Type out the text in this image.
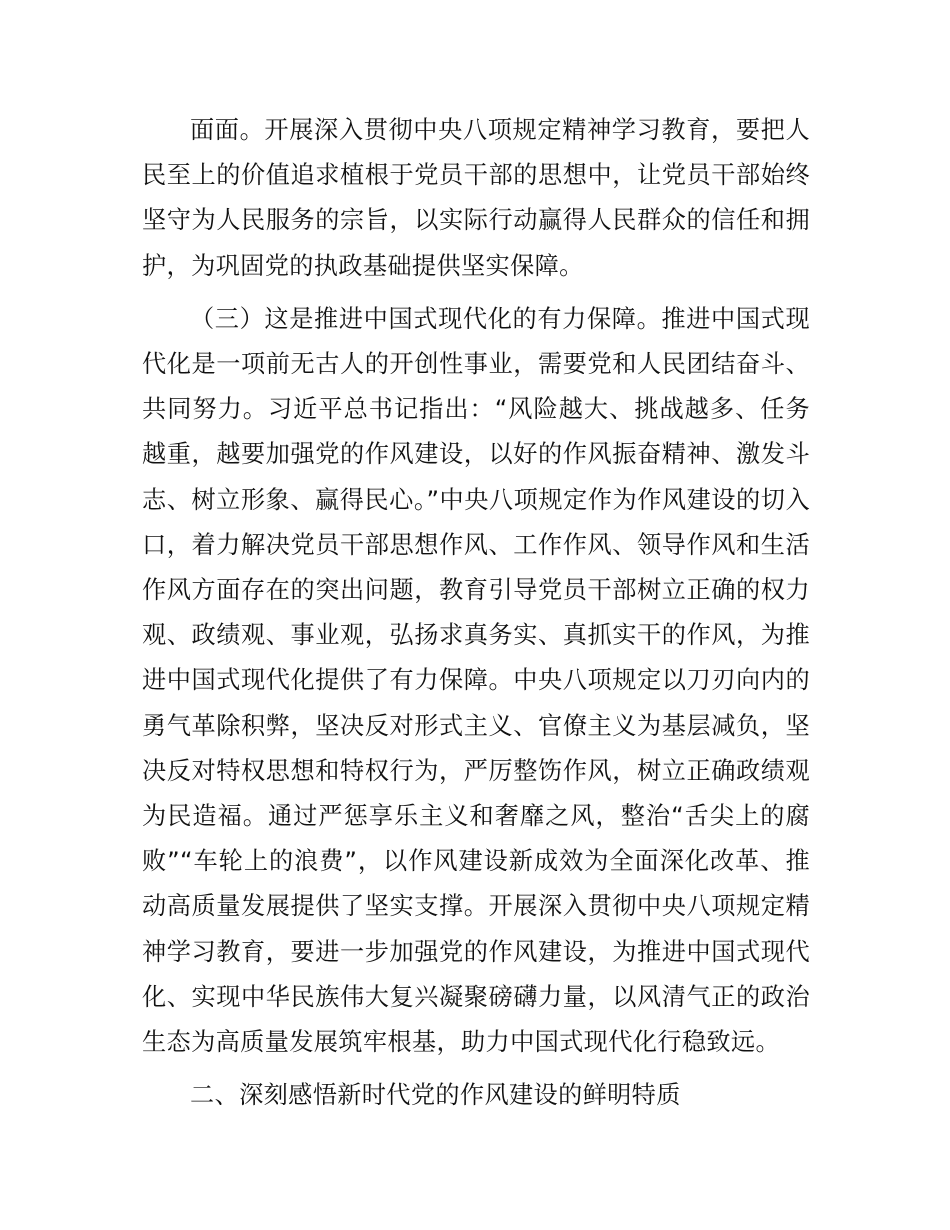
面面。开展深入贯彻中央八项规定精神学习教育，要把人民至上的价值追求植根于党员干部的思想中，让党员干部始终坚守为人民服务的宗旨，以实际行动赢得人民群众的信任和拥护，为巩固党的执政基础提供坚实保障。

（三）这是推进中国式现代化的有力保障。推进中国式现代化是一项前无古人的开创性事业，需要党和人民团结奋斗、共同努力。习近平总书记指出：“风险越大、挑战越多、任务越重，越要加强党的作风建设，以好的作风振奋精神、激发斗志、树立形象、赢得民心。”中央八项规定作为作风建设的切入口，着力解决党员干部思想作风、工作作风、领导作风和生活作风方面存在的突出问题，教育引导党员干部树立正确的权力观、政绩观、事业观，弘扬求真务实、真抓实干的作风，为推进中国式现代化提供了有力保障。中央八项规定以刀刃向内的勇气革除积弊，坚决反对形式主义、官僚主义为基层减负，坚决反对特权思想和特权行为，严厉整饬作风，树立正确政绩观为民造福。通过严惩享乐主义和奢靡之风，整治“舌尖上的腐败”“车轮上的浪费”，以作风建设新成效为全面深化改革、推动高质量发展提供了坚实支撑。开展深入贯彻中央八项规定精神学习教育，要进一步加强党的作风建设，为推进中国式现代化、实现中华民族伟大复兴凝聚磅礴力量，以风清气正的政治生态为高质量发展筑牢根基，助力中国式现代化行稳致远。

二、深刻感悟新时代党的作风建设的鲜明特质
